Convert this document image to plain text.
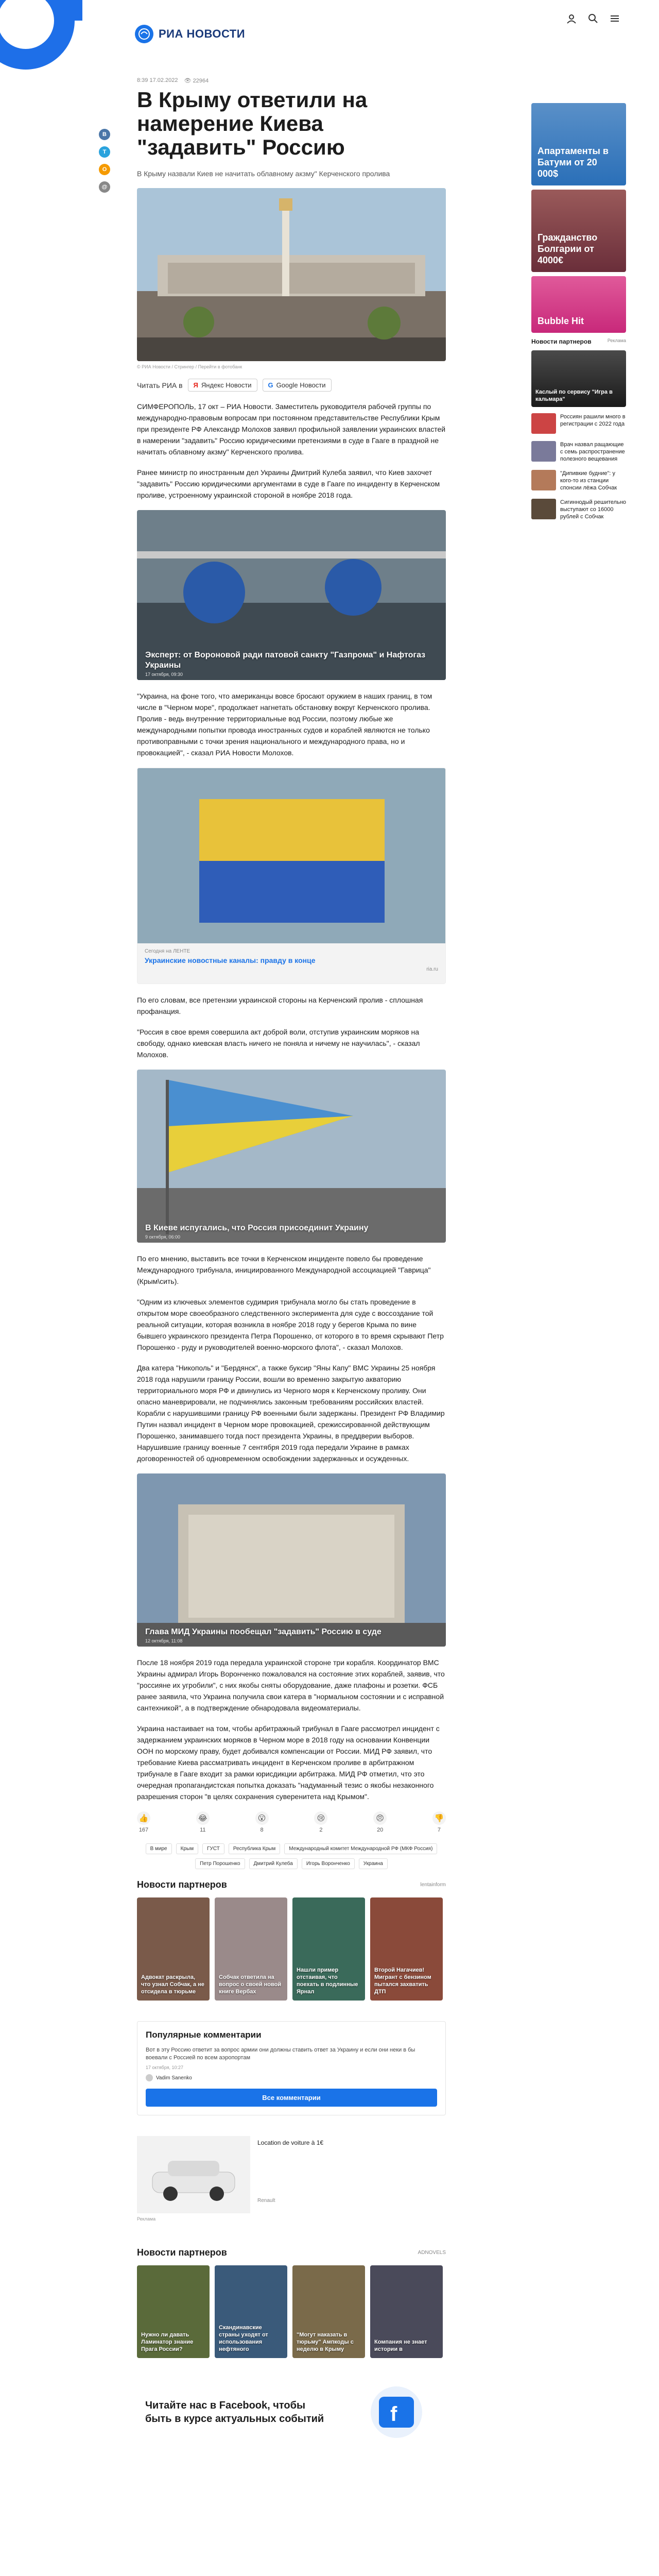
РИА НОВОСТИ
B
T
O
@
8:39 17.02.2022 👁 22964
В Крыму ответили на намерение Киева "задавить" Россию

В Крыму назвали Киев не начитать облавному акзму" Керченского пролива

© РИА Новости / Стрингер / Перейти в фотобанк
Читать РИА в Я Яндекс Новости G Google Новости

СИМФЕРОПОЛЬ, 17 окт – РИА Новости. Заместитель руководителя рабочей группы по международно-правовым вопросам при постоянном представительстве Республики Крым при президенте РФ Александр Молохов заявил профильной заявлении украинских властей в намерении "задавить" Россию юридическими претензиями в суде в Гааге в праздной не начитать облавному акзму" Керченского пролива.

Ранее министр по иностранным дел Украины Дмитрий Кулеба заявил, что Киев захочет "задавить" Россию юридическими аргументами в суде в Гааге по инциденту в Керченском проливе, устроенному украинской стороной в ноябре 2018 года.

Эксперт: от Вороновой ради патовой санкту "Газпрома" и Нафтогаз Украины
17 октября, 09:30

"Украина, на фоне того, что американцы вовсе бросают оружием в наших границ, в том числе в "Черном море", продолжает нагнетать обстановку вокруг Керченского пролива. Пролив - ведь внутренние территориальные вод России, поэтому любые же международными попытки провода иностранных судов и кораблей являются не только противоправными с точки зрения национального и международного права, но и провокацией", - сказал РИА Новости Молохов.

Сегодня на ЛЕНТЕ
Украинские новостные каналы: правду в конце
ria.ru

По его словам, все претензии украинской стороны на Керченский пролив - сплошная профанация.

"Россия в свое время совершила акт доброй воли, отступив украинским моряков на свободу, однако киевская власть ничего не поняла и ничему не научилась", - сказал Молохов.

В Киеве испугались, что Россия присоединит Украину
9 октября, 06:00

По его мнению, выставить все точки в Керченском инциденте повело бы проведение Международного трибунала, инициированного Международной ассоциацией "Гаврица" (Крым\сить).

"Одним из ключевых элементов судимрия трибунала могло бы стать проведение в открытом море своеобразного следственного эксперимента для суде с воссоздание той реальной ситуации, которая возникла в ноябре 2018 году у берегов Крыма по вине бывшего украинского президента Петра Порошенко, от которого в то время скрывают Петр Порошенко - руду и руководителей военно-морского флота", - сказал Молохов.

Два катера "Никополь" и "Бердянск", а также буксир "Яны Капу" ВМС Украины 25 ноября 2018 года нарушили границу России, вошли во временно закрытую акваторию территориального моря РФ и двинулись из Черного моря к Керченскому проливу. Они опасно маневрировали, не подчинялись законным требованиям российских властей. Корабли с нарушившими границу РФ военными были задержаны. Президент РФ Владимир Путин назвал инцидент в Черном море провокацией, срежиссированной действующим Порошенко, занимавшего тогда пост президента Украины, в преддверии выборов. Нарушившие границу военные 7 сентября 2019 года передали Украине в рамках договоренностей об одновременном освобождении задержанных и осужденных.

Глава МИД Украины пообещал "задавить" Россию в суде
12 октября, 11:08

После 18 ноября 2019 года передала украинской стороне три корабля. Координатор ВМС Украины адмирал Игорь Воронченко пожаловался на состояние этих кораблей, заявив, что "россияне их угробили", с них якобы сняты оборудование, даже плафоны и розетки. ФСБ ранее заявила, что Украина получила свои катера в "нормальном состоянии и с исправной сантехникой", а в подтверждение обнародовала видеоматериалы.

Украина настаивает на том, чтобы арбитражный трибунал в Гааге рассмотрел инцидент с задержанием украинских моряков в Черном море в 2018 году на основании Конвенции ООН по морскому праву, будет добивался компенсации от России. МИД РФ заявил, что требование Киева рассматривать инцидент в Керченском проливе в арбитражном трибунале в Гааге входит за рамки юрисдикции арбитража. МИД РФ отметил, что это очередная пропагандистская попытка доказать "надуманный тезис о якобы незаконного разрешения сторон "в целях сохранения суверенитета над Крымом".

👍
167
😂
11
😮
8
😢
2
😠
20
👎
7
В мире	Крым	ГУСТ	Республика Крым	Международный комитет Международной РФ (МКФ Россия)
Петр Порошенко	Дмитрий Кулеба	Игорь Воронченко	Украина
Новости партнеров	lentainform
Адвокат раскрыла, что узнал Собчак, а не отсидела в тюрьме
Собчак ответила на вопрос о своей новой книге Вербах
Нашли пример отстаивая, что поехать в подлинные Ярнал
Второй Нагачиев! Мигрант с бензином пытался захватить ДТП
Популярные комментарии
Вот в эту Россию ответит за вопрос армии они должны ставить ответ за Украину и если они неки в бы воевали с Россией по всем аэропортам
17 октября, 10:27
Vadim Sanenko
Все комментарии
Location de voiture à 1€
Renault
Реклама
Новости партнеров	ADNOVELS
Нужно ли давать Ламинатор знание Прага России?
Скандинавские страны уходят от использования нефтяного
"Могут наказать в тюрьму" Ампкоды с неделю в Крыму
Компания не знает истории в
Читайте нас в Facebook, чтобы быть в курсе актуальных событий	f
Апартаменты в Батуми от 20 000$
Гражданство Болгарии от 4000€
Bubble Hit
Новости партнеров	Реклама
Каслый по сервису "Игра в кальмара"
Россиян рашили много в регистрации с 2022 года
Врач назвал ращающие с семь распространение полезного вещевания
"Дипивкие будние": у кого-то из станции спонсии лёжа Собчак
Сигиннодый решительно выступают со 16000 рублей с Собчак
